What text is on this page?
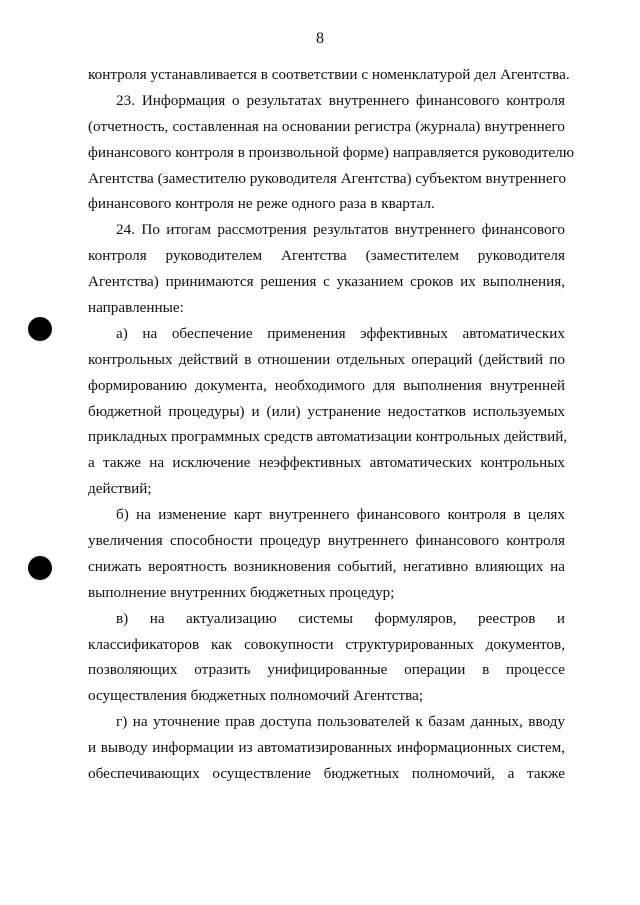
8
контроля устанавливается в соответствии с номенклатурой дел Агентства.
23. Информация о результатах внутреннего финансового контроля
(отчетность, составленная на основании регистра (журнала) внутреннего
финансового контроля в произвольной форме) направляется руководителю
Агентства (заместителю руководителя Агентства) субъектом внутреннего
финансового контроля не реже одного раза в квартал.
24. По итогам рассмотрения результатов внутреннего финансового
контроля руководителем Агентства (заместителем руководителя
Агентства) принимаются решения с указанием сроков их выполнения,
направленные:
а) на обеспечение применения эффективных автоматических
контрольных действий в отношении отдельных операций (действий по
формированию документа, необходимого для выполнения внутренней
бюджетной процедуры) и (или) устранение недостатков используемых
прикладных программных средств автоматизации контрольных действий,
а также на исключение неэффективных автоматических контрольных
действий;
б) на изменение карт внутреннего финансового контроля в целях
увеличения способности процедур внутреннего финансового контроля
снижать вероятность возникновения событий, негативно влияющих на
выполнение внутренних бюджетных процедур;
в) на актуализацию системы формуляров, реестров и
классификаторов как совокупности структурированных документов,
позволяющих отразить унифицированные операции в процессе
осуществления бюджетных полномочий Агентства;
г) на уточнение прав доступа пользователей к базам данных, вводу
и выводу информации из автоматизированных информационных систем,
обеспечивающих осуществление бюджетных полномочий, а также
